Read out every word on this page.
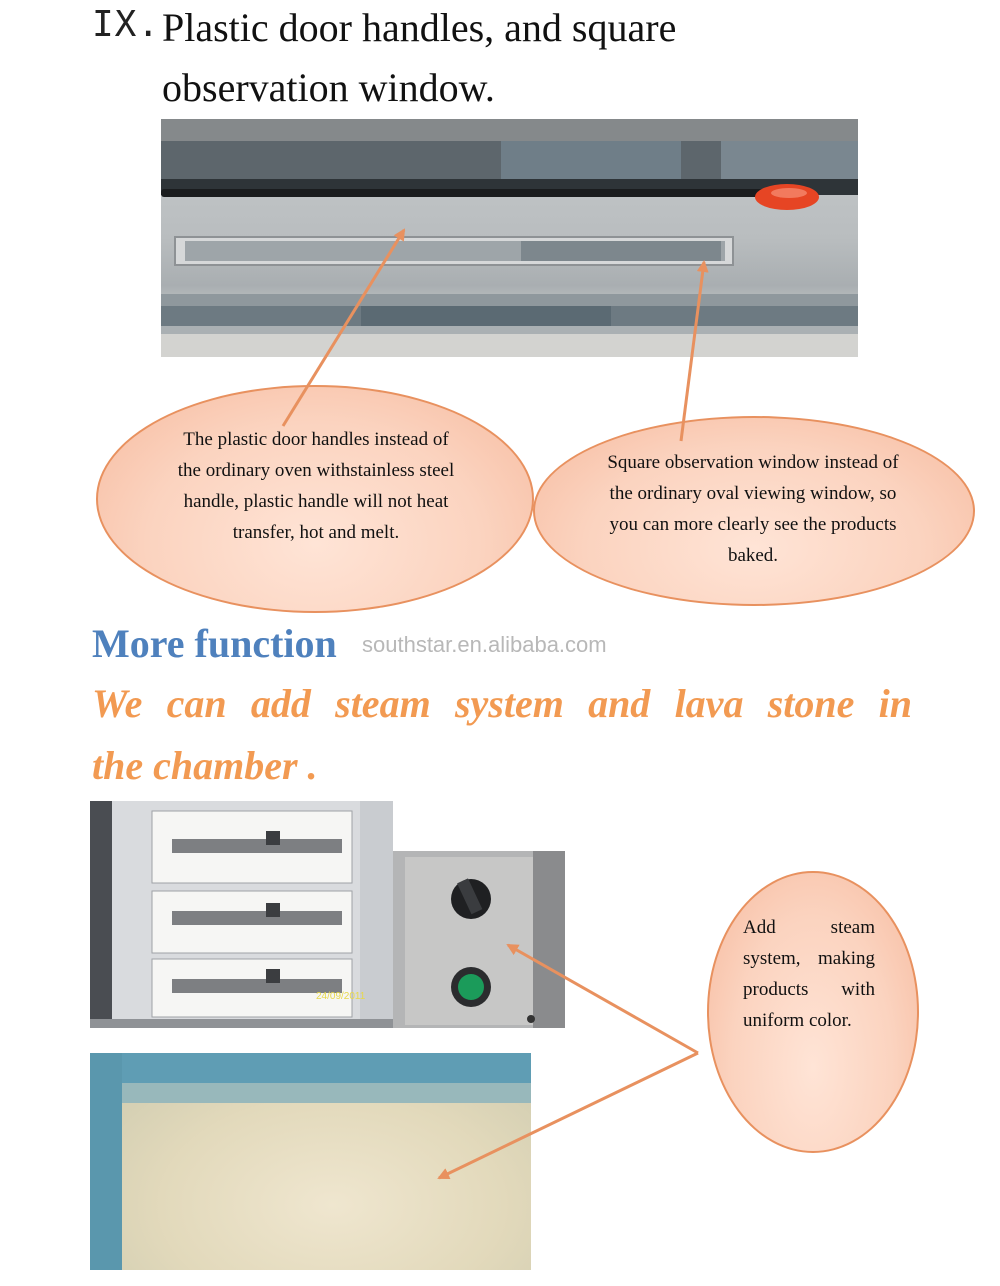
IX. Plastic door handles, and square
observation window.
The plastic door handles instead of the ordinary oven withstainless steel handle, plastic handle will not heat transfer, hot and melt.
Square observation window instead of the ordinary oval viewing window, so you can more clearly see the products baked.
More function southstar.en.alibaba.com
We can add steam system and lava stone in
the chamber .
24/09/2011
Add steam system, making products with uniform color.
